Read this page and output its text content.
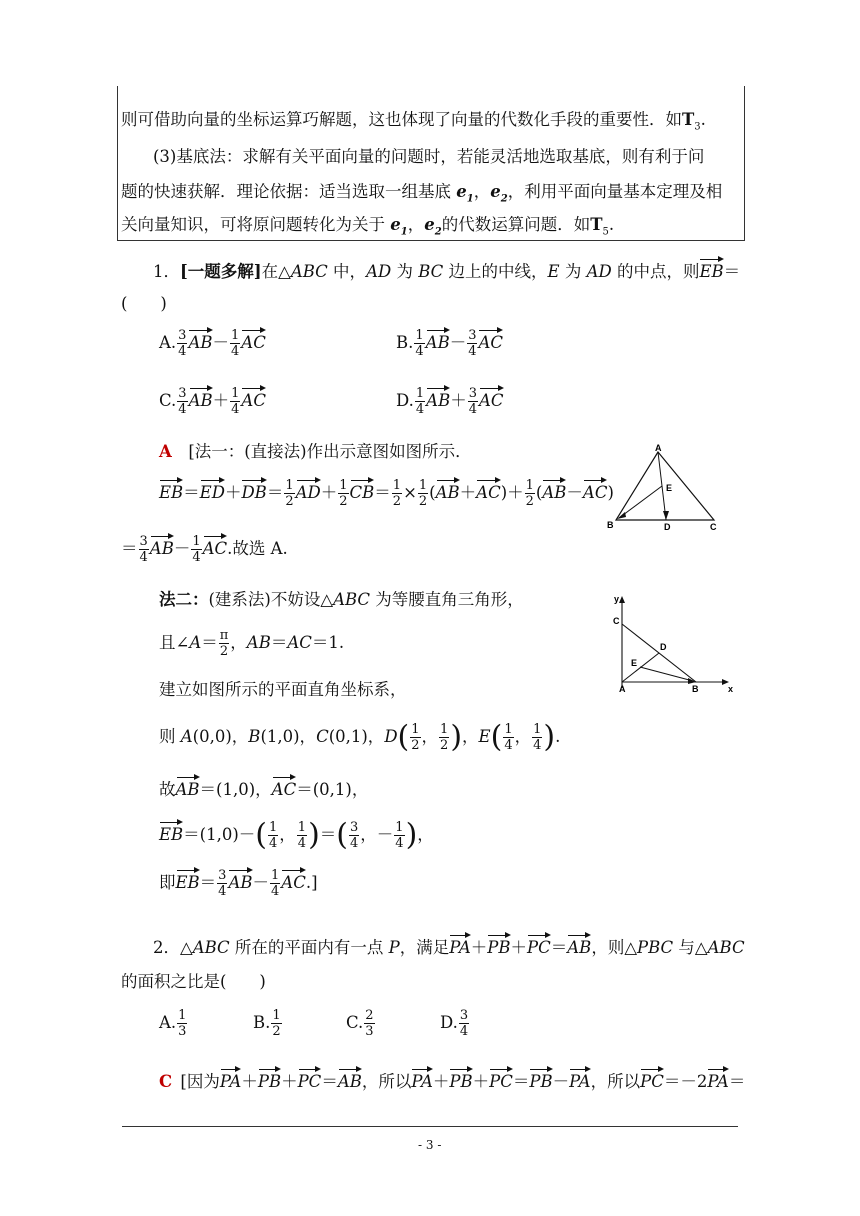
则可借助向量的坐标运算巧解题，这也体现了向量的代数化手段的重要性．如$T_3$.
(3)基底法：求解有关平面向量的问题时，若能灵活地选取基底，则有利于问
题的快速获解．理论依据：适当选取一组基底 $e_1$，$e_2$，利用平面向量基本定理及相
关向量知识，可将原问题转化为关于 $e_1$，$e_2$的代数运算问题．如$T_5$.
1．[一题多解]在△ABC 中，AD 为 BC 边上的中线，E 为 AD 的中点，则EB＝
(　　)
A. $\frac{3}{4} AB- \frac{1}{4}$ AC	B. $\frac{1}{4} AB- \frac{3}{4}$ AC
C. $\frac{3}{4} AB+ \frac{1}{4}$ AC	D. $\frac{1}{4} AB+ \frac{3}{4}$ AC
A  [法一：(直接法)作出示意图如图所示．
$EB=ED+DB= \frac{1}{2} AD+ \frac{1}{2} CB= \frac{1}{2} \times \frac{1}{2} (AB+AC)+ \frac{1}{2} (AB-AC)$
＝ $\frac{3}{4} AB- \frac{1}{4}$ AC.故选 A.
A
B	C
D
E
法二：(建系法)不妨设△ABC 为等腰直角三角形，
且∠A＝ $\frac{\pi}{2}$ ，AB＝AC＝1.
建立如图所示的平面直角坐标系，
则 A(0,0)，B(1,0)，C(0,1)，$D( \frac{1}{2}$ ， $\frac{1}{2}$ )，$E( \frac{1}{4}$ ， $\frac{1}{4}$ ).
故AB＝(1,0)，AC＝(0,1)，
$EB=(1,0)-( \frac{1}{4}$ ， $\frac{1}{4}$ )＝( $\frac{3}{4}$ ，－ $\frac{1}{4}$ )，
即$EB= \frac{3}{4} AB- \frac{1}{4} AC$.]
y
x
C
A	B
D
E
2．△ABC 所在的平面内有一点 P，满足PA＋PB＋PC＝AB，则△PBC 与△ABC
的面积之比是(　　)
A. $\frac{1}{3}$	B. $\frac{1}{2}$	C. $\frac{2}{3}$	D. $\frac{3}{4}$
C  [因为PA＋PB＋PC＝AB，所以PA＋PB＋PC＝PB－PA，所以PC＝－2PA＝
- 3 -
